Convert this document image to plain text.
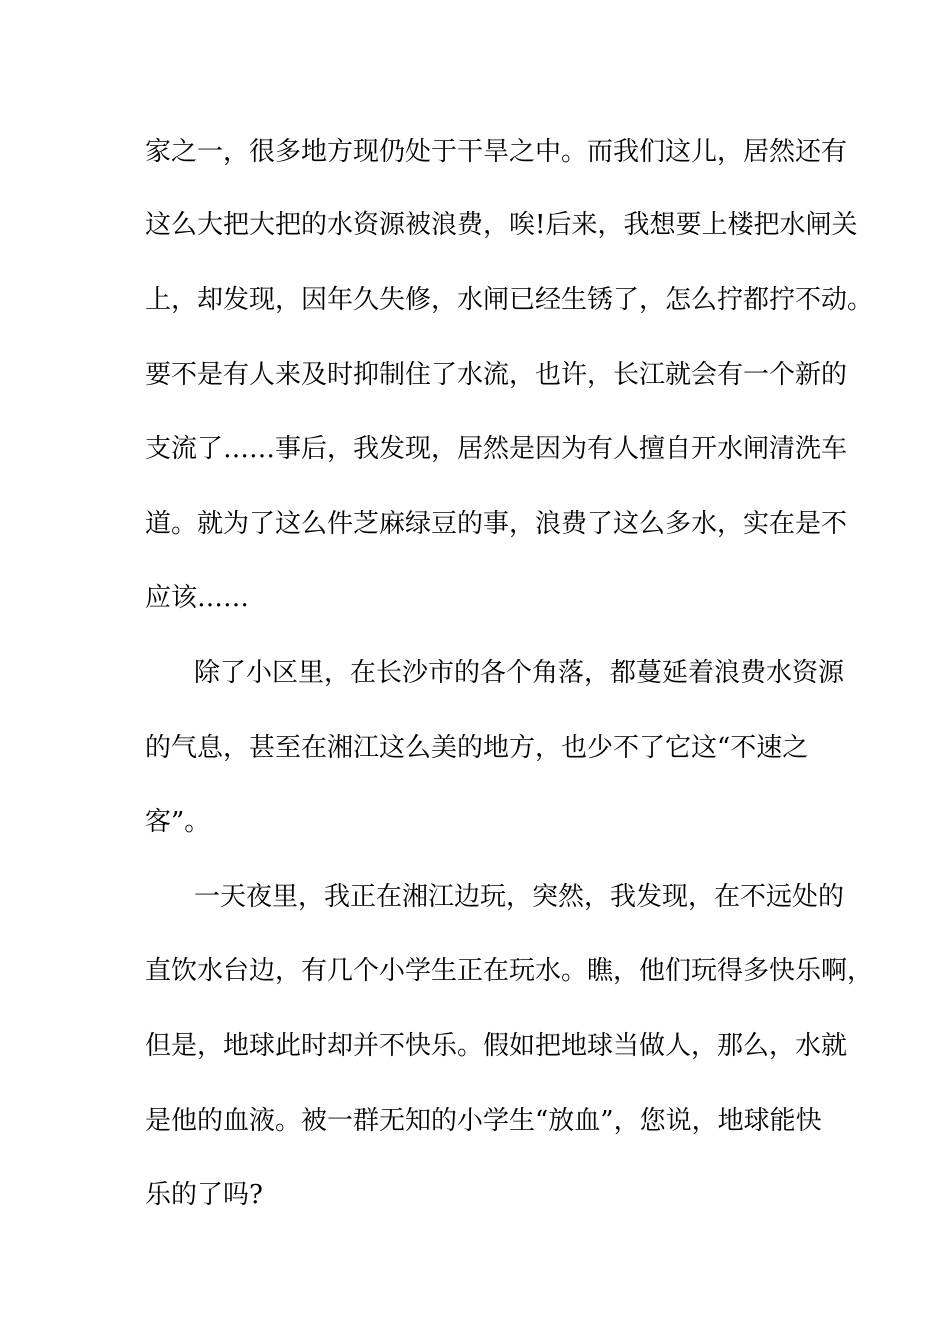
家之一，很多地方现仍处于干旱之中。而我们这儿，居然还有
这么大把大把的水资源被浪费，唉!后来，我想要上楼把水闸关
上，却发现，因年久失修，水闸已经生锈了，怎么拧都拧不动。
要不是有人来及时抑制住了水流，也许，长江就会有一个新的
支流了……事后，我发现，居然是因为有人擅自开水闸清洗车
道。就为了这么件芝麻绿豆的事，浪费了这么多水，实在是不
应该……
除了小区里，在长沙市的各个角落，都蔓延着浪费水资源
的气息，甚至在湘江这么美的地方，也少不了它这“不速之
客”。
一天夜里，我正在湘江边玩，突然，我发现，在不远处的
直饮水台边，有几个小学生正在玩水。瞧，他们玩得多快乐啊，
但是，地球此时却并不快乐。假如把地球当做人，那么，水就
是他的血液。被一群无知的小学生“放血”，您说，地球能快
乐的了吗?
